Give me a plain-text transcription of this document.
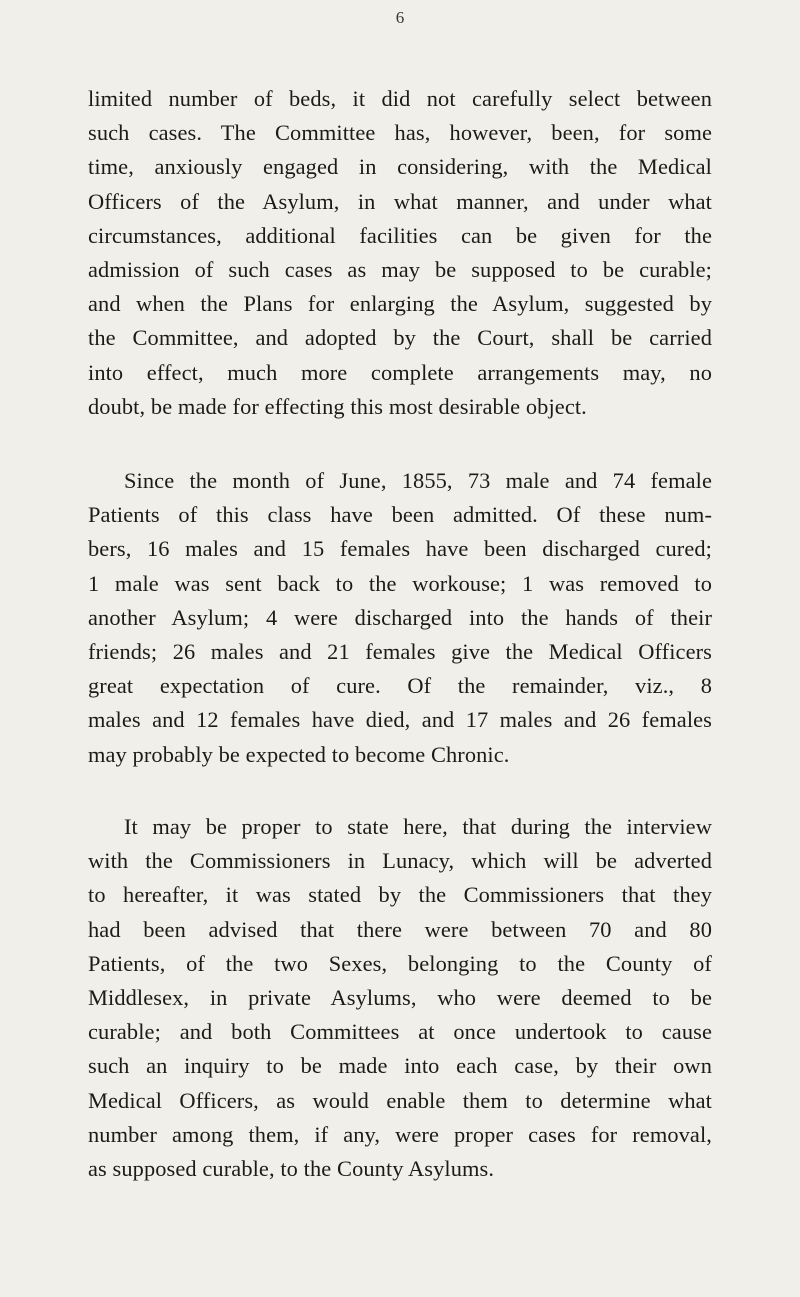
6

limited number of beds, it did not carefully select between
such cases. The Committee has, however, been, for some
time, anxiously engaged in considering, with the Medical
Officers of the Asylum, in what manner, and under what
circumstances, additional facilities can be given for the
admission of such cases as may be supposed to be curable;
and when the Plans for enlarging the Asylum, suggested by
the Committee, and adopted by the Court, shall be carried
into effect, much more complete arrangements may, no
doubt, be made for effecting this most desirable object.

Since the month of June, 1855, 73 male and 74 female
Patients of this class have been admitted. Of these num-
bers, 16 males and 15 females have been discharged cured;
1 male was sent back to the workouse; 1 was removed to
another Asylum; 4 were discharged into the hands of their
friends; 26 males and 21 females give the Medical Officers
great expectation of cure. Of the remainder, viz., 8
males and 12 females have died, and 17 males and 26 females
may probably be expected to become Chronic.

It may be proper to state here, that during the interview
with the Commissioners in Lunacy, which will be adverted
to hereafter, it was stated by the Commissioners that they
had been advised that there were between 70 and 80
Patients, of the two Sexes, belonging to the County of
Middlesex, in private Asylums, who were deemed to be
curable; and both Committees at once undertook to cause
such an inquiry to be made into each case, by their own
Medical Officers, as would enable them to determine what
number among them, if any, were proper cases for removal,
as supposed curable, to the County Asylums.
